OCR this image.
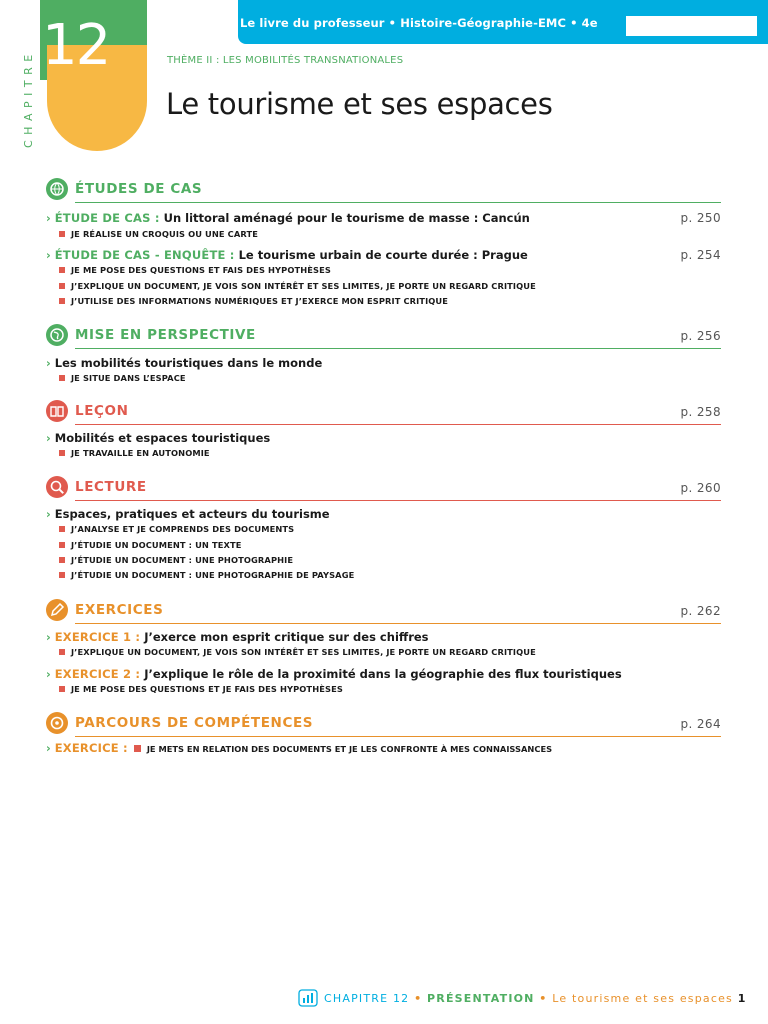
Le livre du professeur • Histoire-Géographie-EMC • 4e
12
CHAPITRE	THÈME II : LES MOBILITÉS TRANSNATIONALES
Le tourisme et ses espaces
ÉTUDES DE CAS
› ÉTUDE DE CAS : Un littoral aménagé pour le tourisme de masse : Cancún	p. 250
JE RÉALISE UN CROQUIS OU UNE CARTE
› ÉTUDE DE CAS - ENQUÊTE : Le tourisme urbain de courte durée : Prague	p. 254
JE ME POSE DES QUESTIONS ET FAIS DES HYPOTHÈSES
J’EXPLIQUE UN DOCUMENT, JE VOIS SON INTÉRÊT ET SES LIMITES, JE PORTE UN REGARD CRITIQUE
J’UTILISE DES INFORMATIONS NUMÉRIQUES ET J’EXERCE MON ESPRIT CRITIQUE
MISE EN PERSPECTIVE	p. 256
› Les mobilités touristiques dans le monde
JE SITUE DANS L’ESPACE
LEÇON	p. 258
› Mobilités et espaces touristiques
JE TRAVAILLE EN AUTONOMIE
LECTURE	p. 260
› Espaces, pratiques et acteurs du tourisme
J’ANALYSE ET JE COMPRENDS DES DOCUMENTS
J’ÉTUDIE UN DOCUMENT : UN TEXTE
J’ÉTUDIE UN DOCUMENT : UNE PHOTOGRAPHIE
J’ÉTUDIE UN DOCUMENT : UNE PHOTOGRAPHIE DE PAYSAGE
EXERCICES	p. 262
› EXERCICE 1 : J’exerce mon esprit critique sur des chiffres
J’EXPLIQUE UN DOCUMENT, JE VOIS SON INTÉRÊT ET SES LIMITES, JE PORTE UN REGARD CRITIQUE
› EXERCICE 2 : J’explique le rôle de la proximité dans la géographie des flux touristiques
JE ME POSE DES QUESTIONS ET JE FAIS DES HYPOTHÈSES
PARCOURS DE COMPÉTENCES	p. 264
› EXERCICE : JE METS EN RELATION DES DOCUMENTS ET JE LES CONFRONTE À MES CONNAISSANCES
CHAPITRE 12 • PRÉSENTATION • Le tourisme et ses espaces 1
